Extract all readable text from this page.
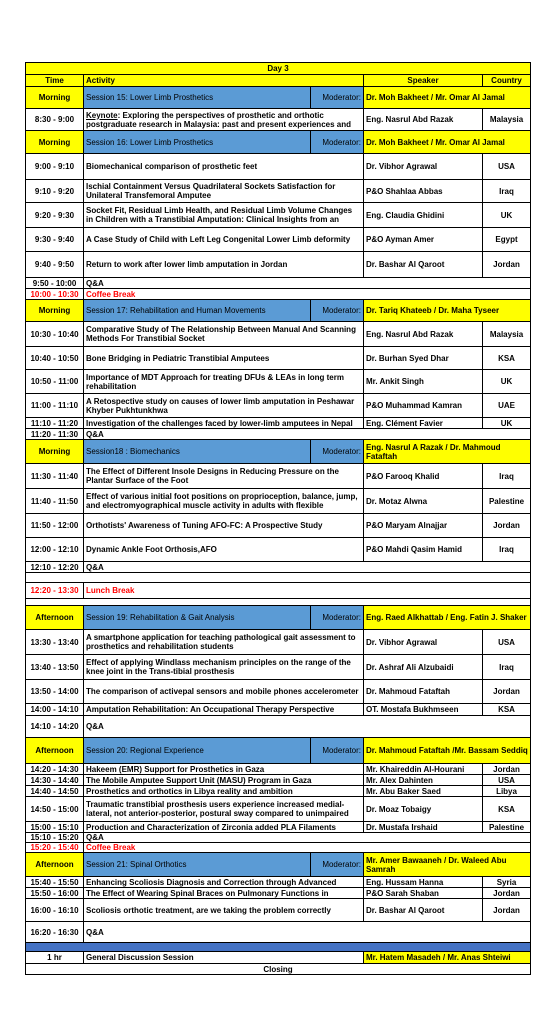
Day 3				
Time	Activity		Speaker	Country
Morning	Session 15: Lower Limb Prosthetics	Moderator:	Dr. Moh Bakheet / Mr. Omar Al Jamal	
8:30 - 9:00	Keynote: Exploring the perspectives of prosthetic and orthotic postgraduate research in Malaysia: past and present experiences and		Eng. Nasrul Abd Razak	Malaysia
Morning	Session 16: Lower Limb Prosthetics	Moderator:	Dr. Moh Bakheet / Mr. Omar Al Jamal	
9:00 - 9:10	Biomechanical comparison of prosthetic feet		Dr. Vibhor Agrawal	USA
9:10 - 9:20	Ischial Containment Versus Quadrilateral Sockets Satisfaction for Unilateral Transfemoral Amputee		P&O Shahlaa Abbas	Iraq
9:20 - 9:30	Socket Fit, Residual Limb Health, and Residual Limb Volume Changes in Children with a Transtibial Amputation: Clinical Insights from an		Eng. Claudia Ghidini	UK
9:30 - 9:40	A Case Study of Child with Left Leg Congenital Lower Limb deformity		P&O Ayman Amer	Egypt
9:40 - 9:50	Return to work after lower limb amputation in Jordan		Dr. Bashar Al Qaroot	Jordan
9:50 - 10:00	Q&A			
10:00 - 10:30	Coffee Break			
Morning	Session 17: Rehabilitation and Human Movements	Moderator:	Dr. Tariq Khateeb / Dr. Maha Tyseer	
10:30 - 10:40	Comparative Study of The Relationship Between Manual And Scanning Methods For Transtibial Socket		Eng. Nasrul Abd Razak	Malaysia
10:40 - 10:50	Bone Bridging in Pediatric Transtibial Amputees		Dr. Burhan Syed Dhar	KSA
10:50 - 11:00	Importance of MDT Approach for treating DFUs & LEAs in long term rehabilitation		Mr. Ankit Singh	UK
11:00 - 11:10	A Retospective study on causes of lower limb amputation in Peshawar Khyber Pukhtunkhwa		P&O Muhammad Kamran	UAE
11:10 - 11:20	Investigation of the challenges faced by lower-limb amputees in Nepal		Eng. Clément Favier	UK
11:20 - 11:30	Q&A			
Morning	Session18 : Biomechanics	Moderator:	Eng. Nasrul A Razak / Dr. Mahmoud Fataftah	
11:30 - 11:40	The Effect of Different Insole Designs in Reducing Pressure on the Plantar Surface of the Foot		P&O Farooq Khalid	Iraq
11:40 - 11:50	Effect of various initial foot positions on proprioception, balance, jump, and electromyographical muscle activity in adults with flexible		Dr. Motaz Alwna	Palestine
11:50 - 12:00	Orthotists' Awareness of Tuning AFO-FC: A Prospective Study		P&O Maryam Alnajjar	Jordan
12:00 - 12:10	Dynamic Ankle Foot Orthosis,AFO		P&O Mahdi Qasim Hamid	Iraq
12:10 - 12:20	Q&A			

12:20 - 13:30	Lunch Break			

Afternoon	Session 19: Rehabilitation & Gait Analysis	Moderator:	Eng. Raed Alkhattab / Eng. Fatin J. Shaker	
13:30 - 13:40	A smartphone application for teaching pathological gait assessment to prosthetics and rehabilitation students		Dr. Vibhor Agrawal	USA
13:40 - 13:50	Effect of applying Windlass mechanism principles on the range of the knee joint in the Trans-tibial prosthesis		Dr. Ashraf Ali Alzubaidi	Iraq
13:50 - 14:00	The comparison of activepal sensors and mobile phones accelerometer		Dr. Mahmoud Fataftah	Jordan
14:00 - 14:10	Amputation Rehabilitation: An Occupational Therapy Perspective		OT. Mostafa Bukhmseen	KSA
14:10 - 14:20	Q&A			
Afternoon	Session 20: Regional Experience	Moderator:	Dr. Mahmoud Fataftah /Mr. Bassam Seddiq	
14:20 - 14:30	Hakeem (EMR) Support for Prosthetics in Gaza		Mr. Khaireddin Al-Hourani	Jordan
14:30 - 14:40	The Mobile Amputee Support Unit (MASU) Program in Gaza		Mr. Alex Dahinten	USA
14:40 - 14:50	Prosthetics and orthotics in Libya reality and ambition		Mr. Abu Baker Saed	Libya
14:50 - 15:00	Traumatic transtibial prosthesis users experience increased medial-lateral, not anterior-posterior, postural sway compared to unimpaired		Dr. Moaz Tobaigy	KSA
15:00 - 15:10	Production and Characterization of Zirconia added PLA Filaments		Dr. Mustafa Irshaid	Palestine
15:10 - 15:20	Q&A			
15:20 - 15:40	Coffee Break			
Afternoon	Session 21: Spinal Orthotics	Moderator:	Mr. Amer Bawaaneh / Dr. Waleed Abu Samrah	
15:40 - 15:50	Enhancing Scoliosis Diagnosis and Correction through Advanced		Eng. Hussam Hanna	Syria
15:50 - 16:00	The Effect of Wearing Spinal Braces on Pulmonary Functions in		P&O Sarah Shaban	Jordan
16:00 - 16:10	Scoliosis orthotic treatment, are we taking the problem correctly		Dr. Bashar Al Qaroot	Jordan
16:20 - 16:30	Q&A			

1 hr	General Discussion Session		Mr. Hatem Masadeh / Mr. Anas Shteiwi	
Closing				
